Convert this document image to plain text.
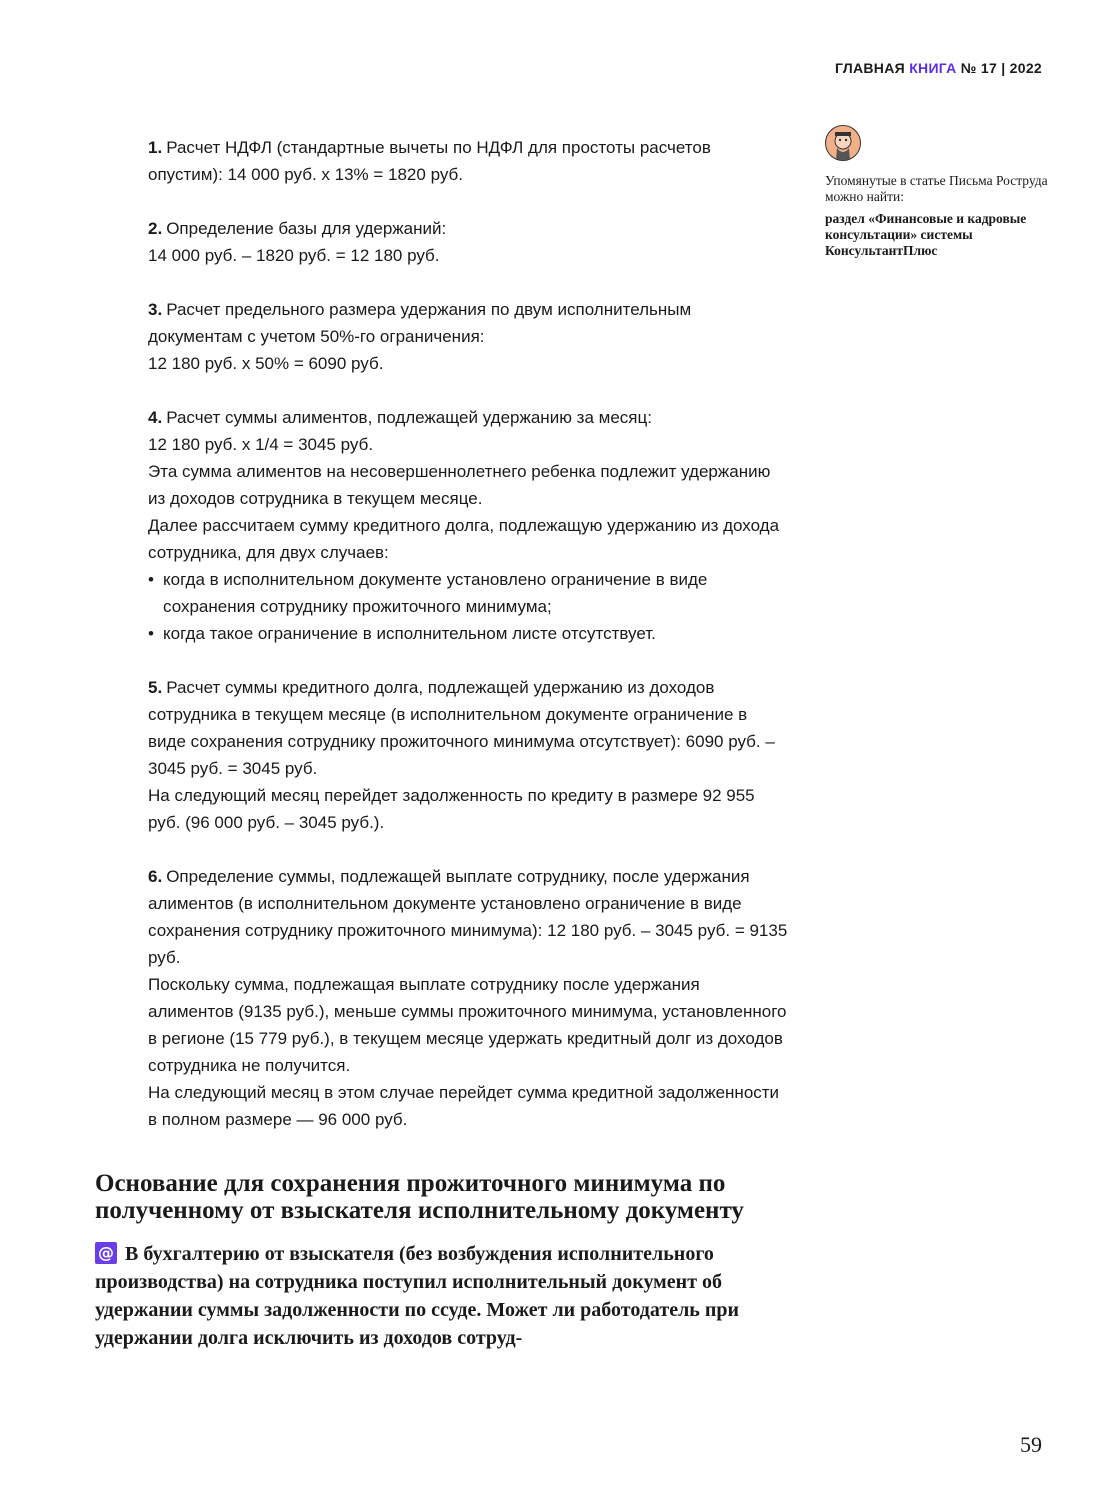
ГЛАВНАЯ КНИГА № 17 | 2022
Упомянутые в статье Письма Роструда можно найти:
раздел «Финансовые и кадровые консультации» системы КонсультантПлюс

1. Расчет НДФЛ (стандартные вычеты по НДФЛ для простоты расчетов опустим): 14 000 руб. х 13% = 1820 руб.

2. Определение базы для удержаний:

14 000 руб. – 1820 руб. = 12 180 руб.

3. Расчет предельного размера удержания по двум исполнительным документам с учетом 50%-го ограничения:

12 180 руб. х 50% = 6090 руб.

4. Расчет суммы алиментов, подлежащей удержанию за месяц:

12 180 руб. х 1/4 = 3045 руб.

Эта сумма алиментов на несовершеннолетнего ребенка подлежит удержанию из доходов сотрудника в текущем месяце.

Далее рассчитаем сумму кредитного долга, подлежащую удержанию из дохода сотрудника, для двух случаев:

• когда в исполнительном документе установлено ограничение в виде сохранения сотруднику прожиточного минимума;
• когда такое ограничение в исполнительном листе отсутствует.

5. Расчет суммы кредитного долга, подлежащей удержанию из доходов сотрудника в текущем месяце (в исполнительном документе ограничение в виде сохранения сотруднику прожиточного минимума отсутствует): 6090 руб. – 3045 руб. = 3045 руб.

На следующий месяц перейдет задолженность по кредиту в размере 92 955 руб. (96 000 руб. – 3045 руб.).

6. Определение суммы, подлежащей выплате сотруднику, после удержания алиментов (в исполнительном документе установлено ограничение в виде сохранения сотруднику прожиточного минимума): 12 180 руб. – 3045 руб. = 9135 руб.

Поскольку сумма, подлежащая выплате сотруднику после удержания алиментов (9135 руб.), меньше суммы прожиточного минимума, установленного в регионе (15 779 руб.), в текущем месяце удержать кредитный долг из доходов сотрудника не получится.

На следующий месяц в этом случае перейдет сумма кредитной задолженности в полном размере — 96 000 руб.

Основание для сохранения прожиточного минимума по полученному от взыскателя исполнительному документу

@ В бухгалтерию от взыскателя (без возбуждения исполнительного производства) на сотрудника поступил исполнительный документ об удержании суммы задолженности по ссуде. Может ли работодатель при удержании долга исключить из доходов сотруд-

59
